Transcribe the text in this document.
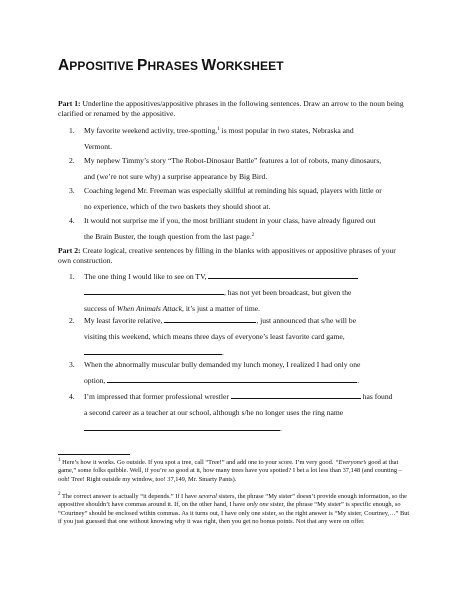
APPOSITIVE PHRASES WORKSHEET
Part 1: Underline the appositives/appositive phrases in the following sentences. Draw an arrow to the noun being clarified or renamed by the appositive.
1. My favorite weekend activity, tree-spotting,$^1$ is most popular in two states, Nebraska and
Vermont.
2. My nephew Timmy’s story “The Robot-Dinosaur Battle” features a lot of robots, many dinosaurs,
and (we’re not sure why) a surprise appearance by Big Bird.
3. Coaching legend Mr. Freeman was especially skillful at reminding his squad, players with little or
no experience, which of the two baskets they should shoot at.
4. It would not surprise me if you, the most brilliant student in your class, have already figured out
the Brain Buster, the tough question from the last page.$^2$
Part 2: Create logical, creative sentences by filling in the blanks with appositives or appositive phrases of your own construction.
1. The one thing I would like to see on TV,
, has not yet been broadcast, but given the
success of When Animals Attack, it’s just a matter of time.
2. My least favorite relative,	, just announced that s/he will be
visiting this weekend, which means three days of everyone’s least favorite card game,
.
3. When the abnormally muscular bully demanded my lunch money, I realized I had only one
option,	.
4. I’m impressed that former professional wrestler	has found
a second career as a teacher at our school, although s/he no longer uses the ring name
.
$^1$ Here’s how it works. Go outside. If you spot a tree, call “Tree!” and add one to your score. I’m very good. “Everyone’s good at that game,” some folks quibble. Well, if you’re so good at it, how many trees have you spotted? I bet a lot less than 37,148 (and counting – ooh! Tree! Right outside my window, too! 37,149, Mr. Smarty Pants).
$^2$ The correct answer is actually “it depends.” If I have several sisters, the phrase “My sister” doesn’t provide enough information, so the appositive shouldn’t have commas around it. If, on the other hand, I have only one sister, the phrase “My sister” is specific enough, so “Courtney” should be enclosed within commas. As it turns out, I have only one sister, so the right answer is “My sister, Courtney,…” But if you just guessed that one without knowing why it was right, then you get no bonus points. Not that any were on offer.
